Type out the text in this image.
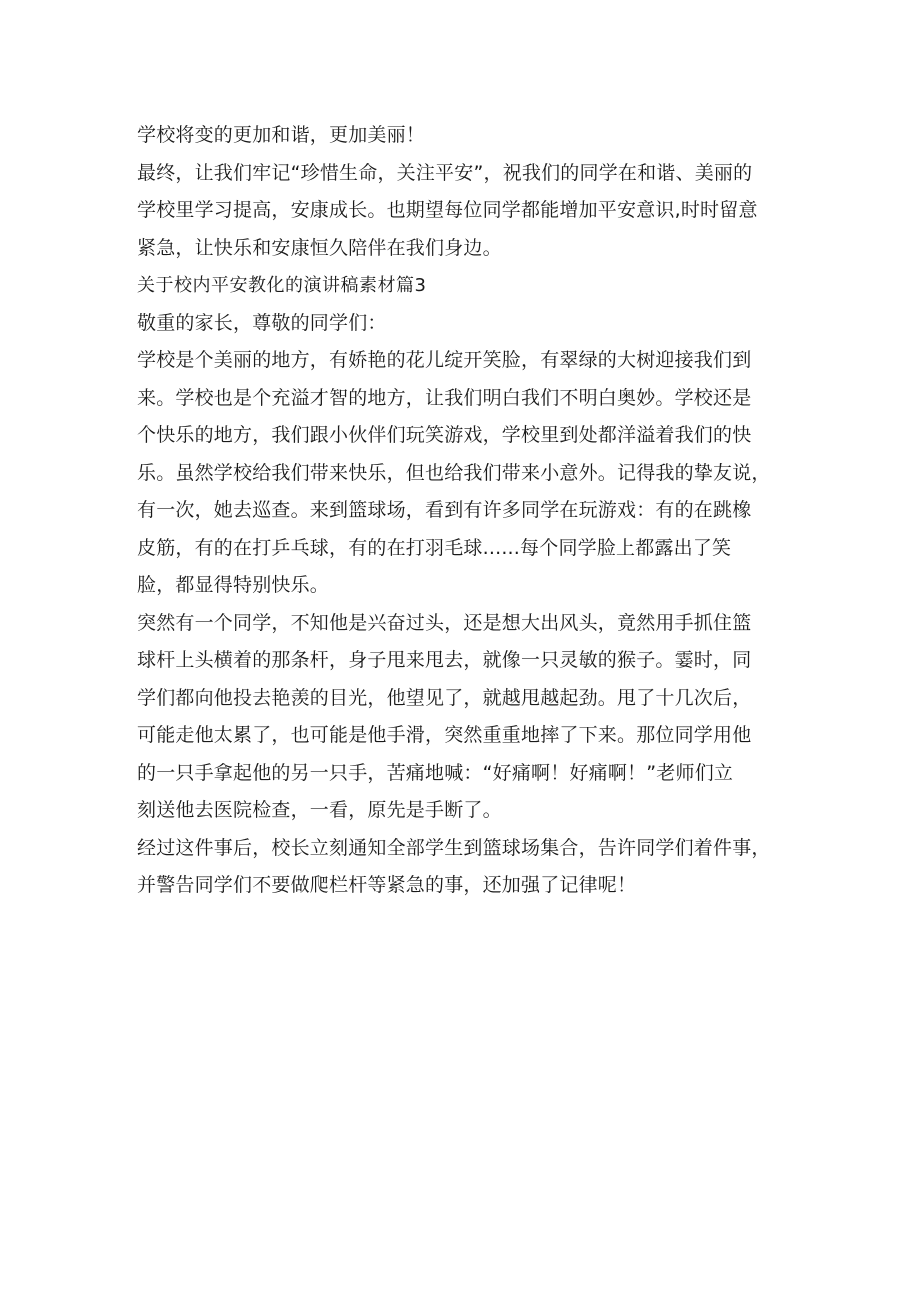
学校将变的更加和谐，更加美丽！

最终，让我们牢记“珍惜生命，关注平安”，祝我们的同学在和谐、美丽的
学校里学习提高，安康成长。也期望每位同学都能增加平安意识,时时留意
紧急，让快乐和安康恒久陪伴在我们身边。

关于校内平安教化的演讲稿素材篇3

敬重的家长，尊敬的同学们：

学校是个美丽的地方，有娇艳的花儿绽开笑脸，有翠绿的大树迎接我们到
来。学校也是个充溢才智的地方，让我们明白我们不明白奥妙。学校还是
个快乐的地方，我们跟小伙伴们玩笑游戏，学校里到处都洋溢着我们的快
乐。虽然学校给我们带来快乐，但也给我们带来小意外。记得我的挚友说，
有一次，她去巡查。来到篮球场，看到有许多同学在玩游戏：有的在跳橡
皮筋，有的在打乒乓球，有的在打羽毛球......每个同学脸上都露出了笑
脸，都显得特别快乐。

突然有一个同学，不知他是兴奋过头，还是想大出风头，竟然用手抓住篮
球杆上头横着的那条杆，身子甩来甩去，就像一只灵敏的猴子。霎时，同
学们都向他投去艳羡的目光，他望见了，就越甩越起劲。甩了十几次后，
可能走他太累了，也可能是他手滑，突然重重地摔了下来。那位同学用他
的一只手拿起他的另一只手，苦痛地喊：“好痛啊！好痛啊！”老师们立
刻送他去医院检查，一看，原先是手断了。

经过这件事后，校长立刻通知全部学生到篮球场集合，告许同学们着件事，
并警告同学们不要做爬栏杆等紧急的事，还加强了记律呢！
